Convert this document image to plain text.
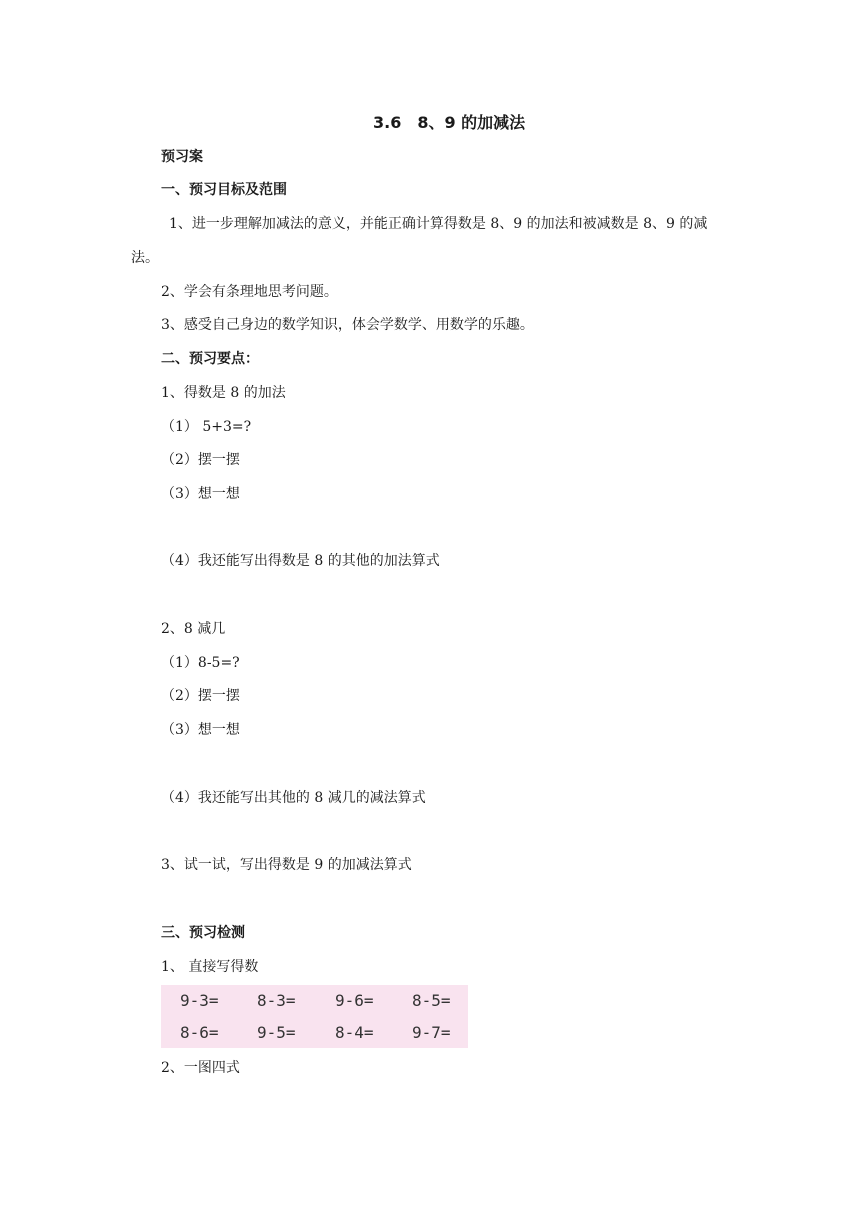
3.6　8、9 的加减法
预习案
一、预习目标及范围
1、进一步理解加减法的意义，并能正确计算得数是 8、9 的加法和被减数是 8、9 的减
法。
2、学会有条理地思考问题。
3、感受自己身边的数学知识，体会学数学、用数学的乐趣。
二、预习要点：
1、得数是 8 的加法
（1） 5+3=?
（2）摆一摆
（3）想一想
（4）我还能写出得数是 8 的其他的加法算式
2、8 减几
（1）8-5=?
（2）摆一摆
（3）想一想
（4）我还能写出其他的 8 减几的减法算式
3、试一试，写出得数是 9 的加减法算式
三、预习检测
1、 直接写得数
9-3= 8-3= 9-6= 8-5=
8-6= 9-5= 8-4= 9-7=
2、一图四式
